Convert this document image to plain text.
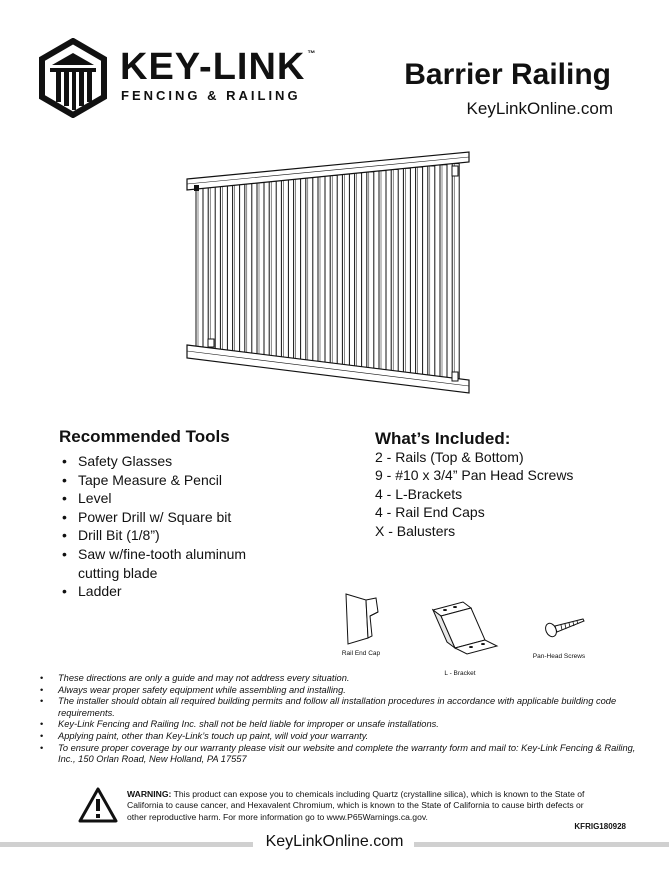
KEY-LINK ™
FENCING & RAILING
Barrier Railing
KeyLinkOnline.com
Recommended Tools
• Safety Glasses
• Tape Measure & Pencil
• Level
• Power Drill w/ Square bit
• Drill Bit (1/8”)
• Saw w/fine-tooth aluminum
cutting blade
• Ladder
What’s Included:
2 - Rails (Top & Bottom)
9 - #10 x 3/4” Pan Head Screws
4 - L-Brackets
4 - Rail End Caps
X - Balusters
Rail End Cap
L - Bracket
Pan-Head Screws
• These directions are only a guide and may not address every situation.
• Always wear proper safety equipment while assembling and installing.
• The installer should obtain all required building permits and follow all installation procedures in accordance with applicable building code requirements.
• Key-Link Fencing and Railing Inc. shall not be held liable for improper or unsafe installations.
• Applying paint, other than Key-Link’s touch up paint, will void your warranty.
• To ensure proper coverage by our warranty please visit our website and complete the warranty form and mail to: Key-Link Fencing & Railing, Inc., 150 Orlan Road, New Holland, PA 17557
WARNING: This product can expose you to chemicals including Quartz (crystalline silica), which is known to the State of California to cause cancer, and Hexavalent Chromium, which is known to the State of California to cause birth defects or other reproductive harm. For more information go to www.P65Warnings.ca.gov.
KFRIG180928
KeyLinkOnline.com
